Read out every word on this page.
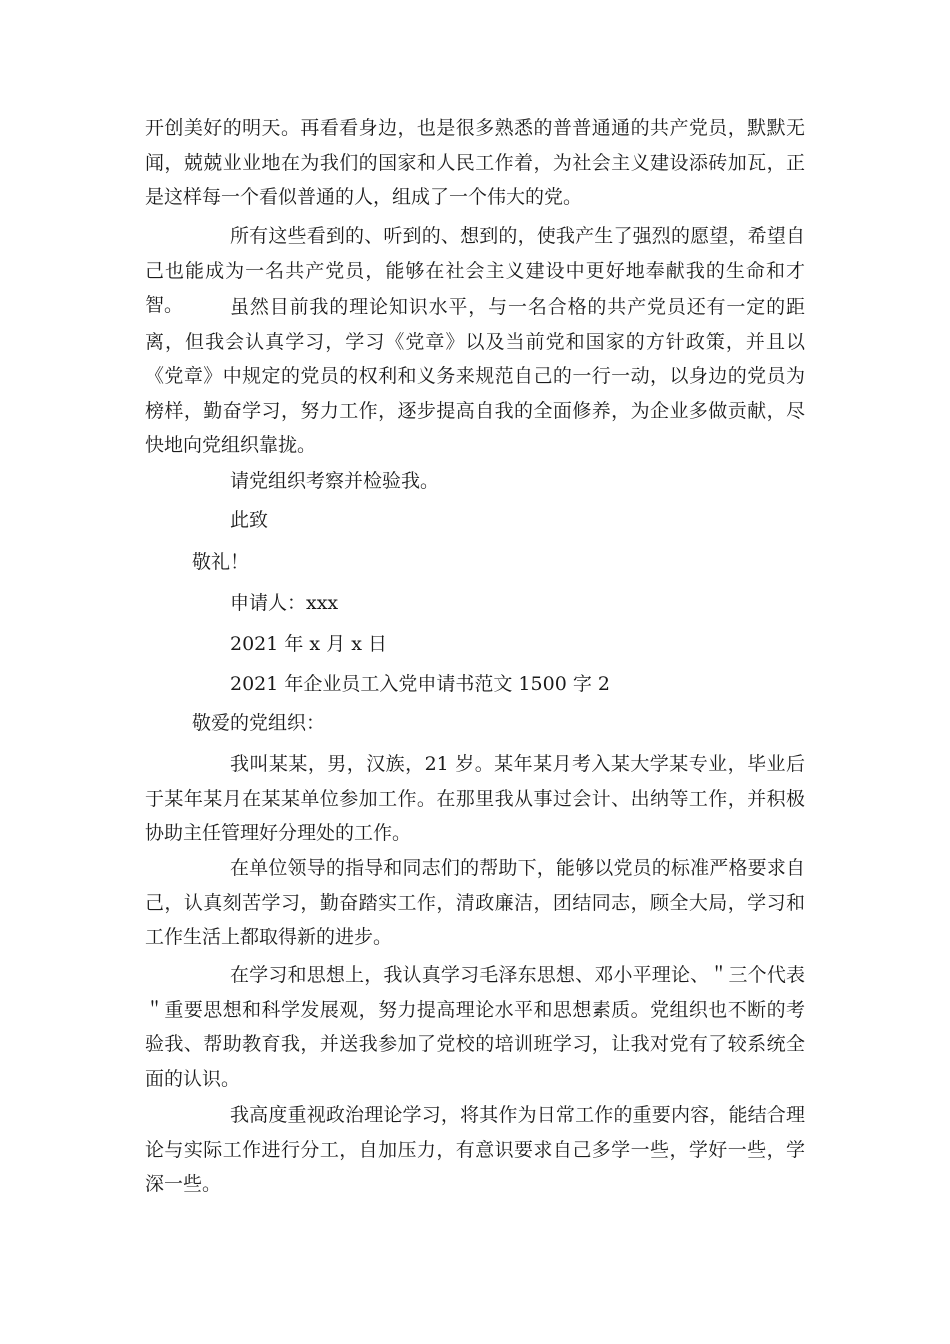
开创美好的明天。再看看身边，也是很多熟悉的普普通通的共产党员，默默无闻，兢兢业业地在为我们的国家和人民工作着，为社会主义建设添砖加瓦，正是这样每一个看似普通的人，组成了一个伟大的党。

所有这些看到的、听到的、想到的，使我产生了强烈的愿望，希望自己也能成为一名共产党员，能够在社会主义建设中更好地奉献我的生命和才智。	虽然目前我的理论知识水平，与一名合格的共产党员还有一定的距离，但我会认真学习，学习《党章》以及当前党和国家的方针政策，并且以《党章》中规定的党员的权利和义务来规范自己的一行一动，以身边的党员为榜样，勤奋学习，努力工作，逐步提高自我的全面修养，为企业多做贡献，尽快地向党组织靠拢。

请党组织考察并检验我。

此致

敬礼！

申请人：xxx

2021 年 x 月 x 日

2021 年企业员工入党申请书范文 1500 字 2

敬爱的党组织：

我叫某某，男，汉族，21 岁。某年某月考入某大学某专业，毕业后于某年某月在某某单位参加工作。在那里我从事过会计、出纳等工作，并积极协助主任管理好分理处的工作。

在单位领导的指导和同志们的帮助下，能够以党员的标准严格要求自己，认真刻苦学习，勤奋踏实工作，清政廉洁，团结同志，顾全大局，学习和工作生活上都取得新的进步。

在学习和思想上，我认真学习毛泽东思想、邓小平理论、＂三个代表＂重要思想和科学发展观，努力提高理论水平和思想素质。党组织也不断的考验我、帮助教育我，并送我参加了党校的培训班学习，让我对党有了较系统全面的认识。

我高度重视政治理论学习，将其作为日常工作的重要内容，能结合理论与实际工作进行分工，自加压力，有意识要求自己多学一些，学好一些，学深一些。
